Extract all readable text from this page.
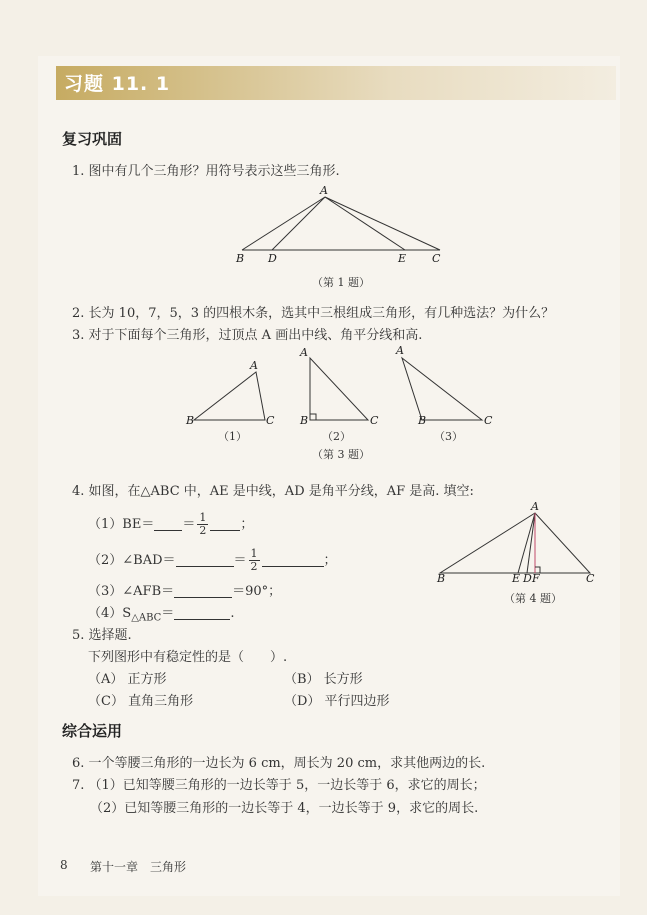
习题 11. 1
复习巩固
1. 图中有几个三角形？用符号表示这些三角形.
A
B D	E C
（第 1 题）
2. 长为 10，7，5，3 的四根木条，选其中三根组成三角形，有几种选法？为什么？
3. 对于下面每个三角形，过顶点 A 画出中线、角平分线和高.
A
B	C
（1）
A
B	C
（2）
A
B	C
（3）
（第 3 题）
4. 如图，在△ABC 中，AE 是中线，AD 是角平分线，AF 是高. 填空:
$(1)BE= = \frac{1}{2}$ ；
（2）∠BAD＝	＝ $\frac{1}{2}$	；
（3）∠AFB＝	＝90°；
$(4)S_{\triangle ABC}=$	.
A
B	E D F	C
（第 4 题）
5. 选择题.
下列图形中有稳定性的是（　　）.
（A） 正方形	（B） 长方形
（C） 直角三角形	（D） 平行四边形
综合运用
6. 一个等腰三角形的一边长为 6 cm，周长为 20 cm，求其他两边的长.
7. （1）已知等腰三角形的一边长等于 5，一边长等于 6，求它的周长；
（2）已知等腰三角形的一边长等于 4，一边长等于 9，求它的周长.
8 第十一章　三角形
